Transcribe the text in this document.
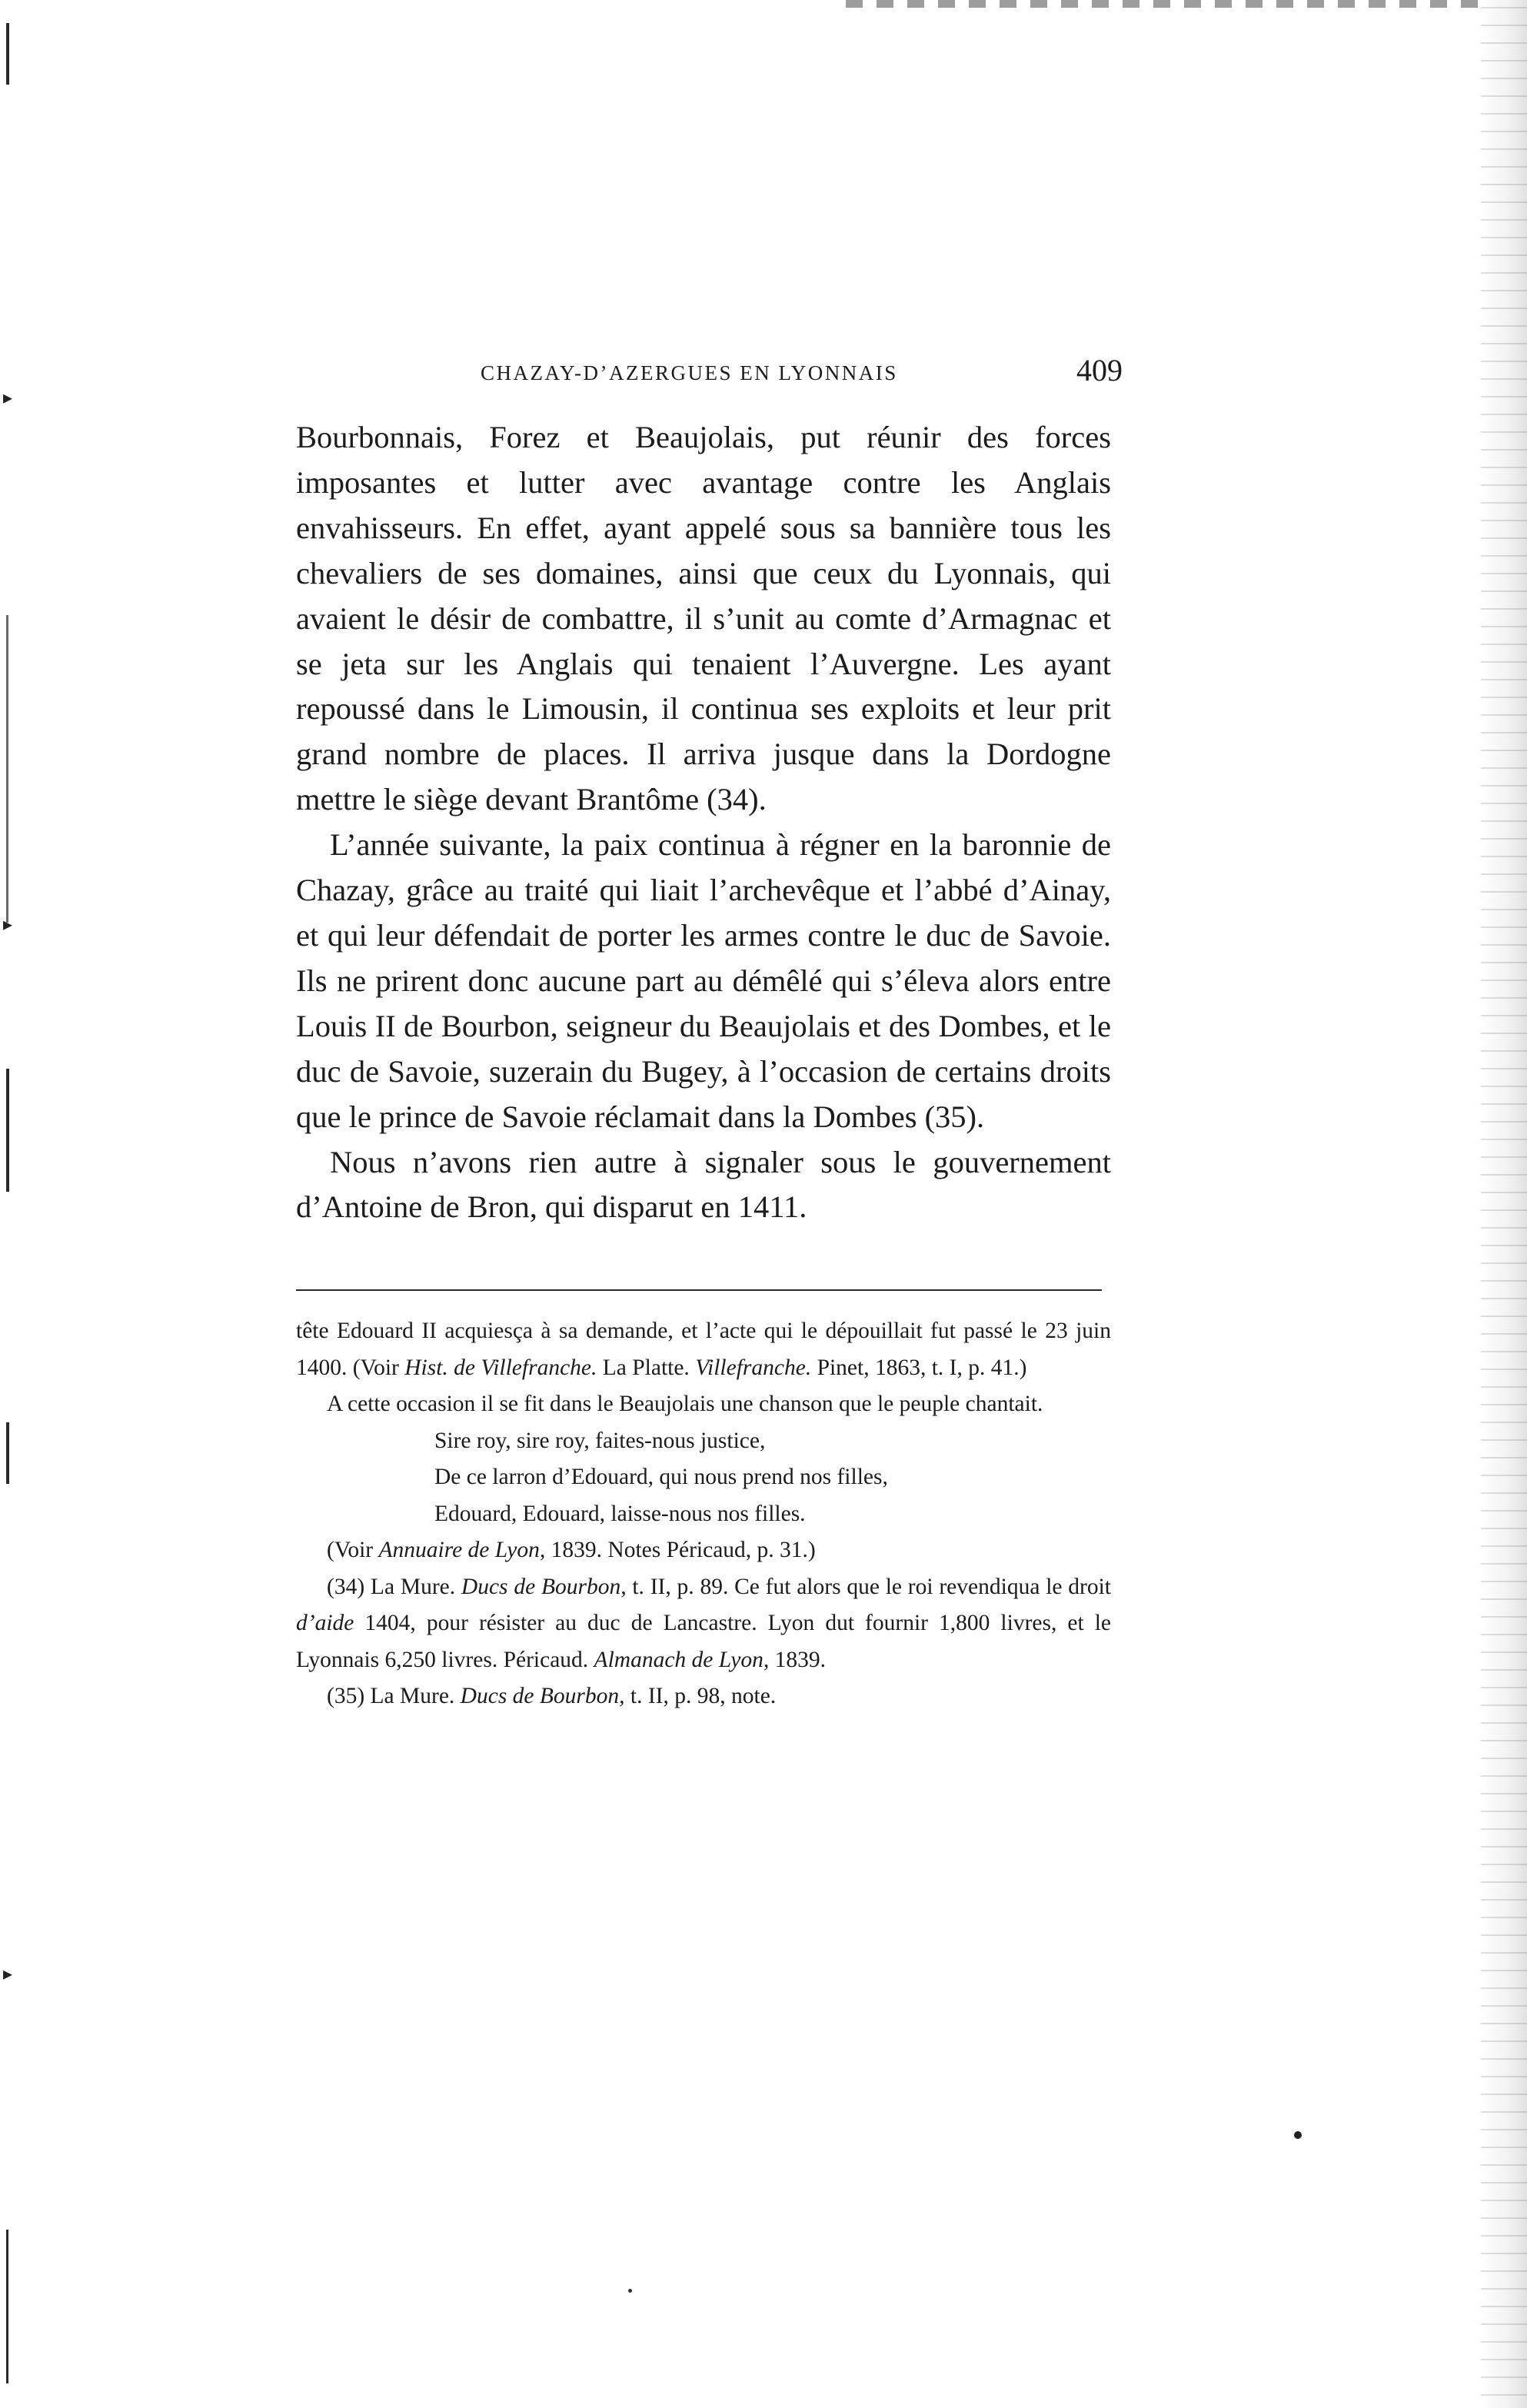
▸
▸
▸
CHAZAY-D’AZERGUES EN LYONNAIS	409

Bourbonnais, Forez et Beaujolais, put réunir des forces imposantes et lutter avec avantage contre les Anglais envahisseurs. En effet, ayant appelé sous sa bannière tous les chevaliers de ses domaines, ainsi que ceux du Lyonnais, qui avaient le désir de combattre, il s’unit au comte d’Armagnac et se jeta sur les Anglais qui tenaient l’Auvergne. Les ayant repoussé dans le Limousin, il continua ses exploits et leur prit grand nombre de places. Il arriva jusque dans la Dordogne mettre le siège devant Brantôme (34).

L’année suivante, la paix continua à régner en la baronnie de Chazay, grâce au traité qui liait l’archevêque et l’abbé d’Ainay, et qui leur défendait de porter les armes contre le duc de Savoie. Ils ne prirent donc aucune part au démêlé qui s’éleva alors entre Louis II de Bourbon, seigneur du Beaujolais et des Dombes, et le duc de Savoie, suzerain du Bugey, à l’occasion de certains droits que le prince de Savoie réclamait dans la Dombes (35).

Nous n’avons rien autre à signaler sous le gouvernement d’Antoine de Bron, qui disparut en 1411.

tête Edouard II acquiesça à sa demande, et l’acte qui le dépouillait fut passé le 23 juin 1400. (Voir Hist. de Villefranche. La Platte. Villefranche. Pinet, 1863, t. I, p. 41.)

A cette occasion il se fit dans le Beaujolais une chanson que le peuple chantait.

Sire roy, sire roy, faites-nous justice,
De ce larron d’Edouard, qui nous prend nos filles,
Edouard, Edouard, laisse-nous nos filles.

(Voir Annuaire de Lyon, 1839. Notes Péricaud, p. 31.)

(34) La Mure. Ducs de Bourbon, t. II, p. 89. Ce fut alors que le roi revendiqua le droit d’aide 1404, pour résister au duc de Lancastre. Lyon dut fournir 1,800 livres, et le Lyonnais 6,250 livres. Péricaud. Almanach de Lyon, 1839.

(35) La Mure. Ducs de Bourbon, t. II, p. 98, note.
